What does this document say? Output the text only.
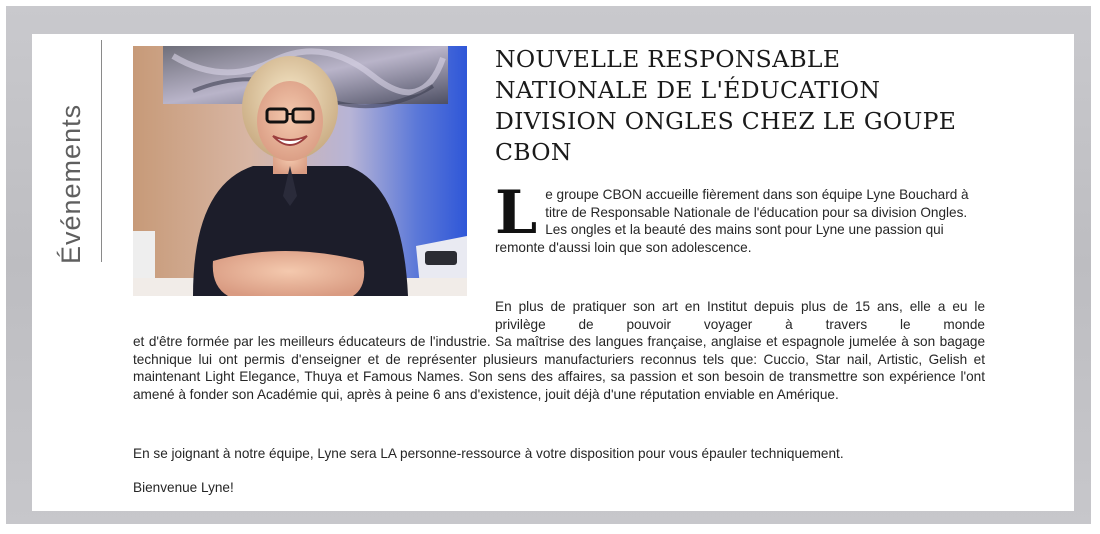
Événements
NOUVELLE RESPONSABLE
NATIONALE DE L'ÉDUCATION
DIVISION ONGLES CHEZ LE GOUPE
CBON
L e groupe CBON accueille fièrement dans son équipe Lyne Bouchard à titre de Responsable Nationale de l'éducation pour sa division Ongles. Les ongles et la beauté des mains sont pour Lyne une passion qui remonte d'aussi loin que son adolescence.
En plus de pratiquer son art en Institut depuis plus de 15 ans, elle a eu le privilège de pouvoir voyager à travers le monde
et d'être formée par les meilleurs éducateurs de l'industrie. Sa maîtrise des langues française, anglaise et espagnole jumelée à son bagage technique lui ont permis d'enseigner et de représenter plusieurs manufacturiers reconnus tels que: Cuccio, Star nail, Artistic, Gelish et maintenant Light Elegance, Thuya et Famous Names. Son sens des affaires, sa passion et son besoin de transmettre son expérience l'ont amené à fonder son Académie qui, après à peine 6 ans d'existence, jouit déjà d'une réputation enviable en Amérique.
En se joignant à notre équipe, Lyne sera LA personne-ressource à votre disposition pour vous épauler techniquement.
Bienvenue Lyne!
